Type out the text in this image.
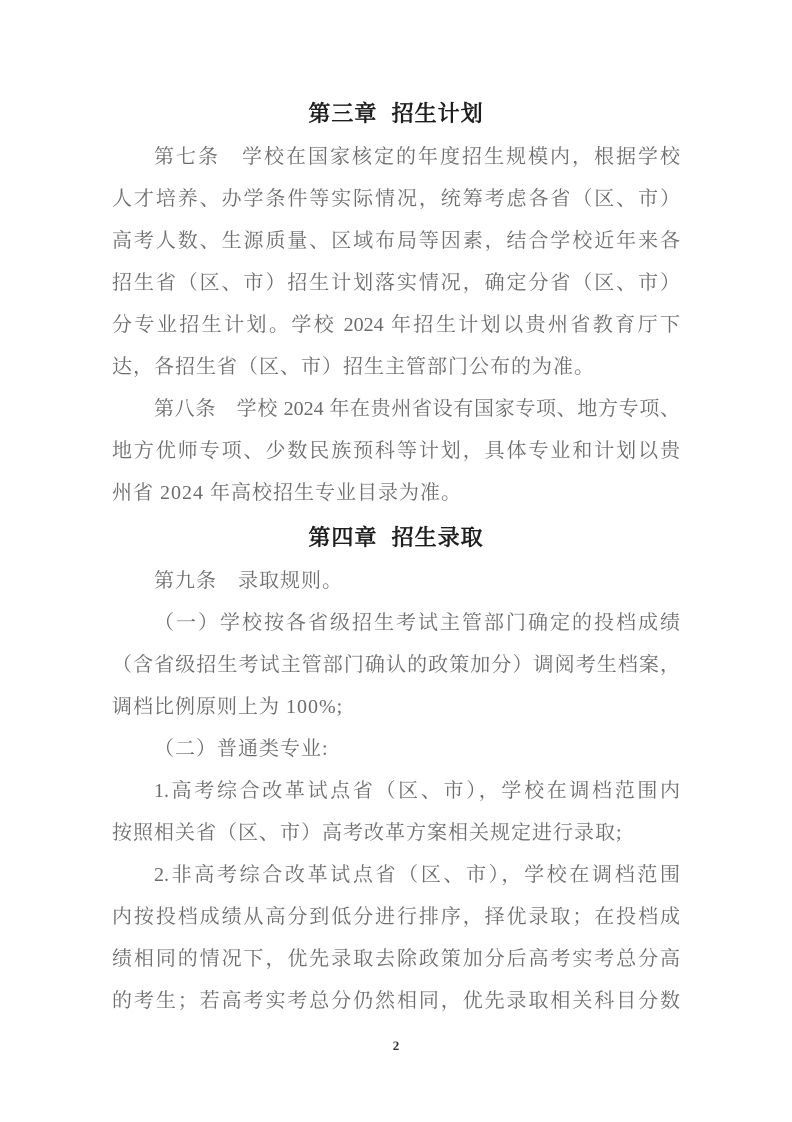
第三章  招生计划
第七条　学校在国家核定的年度招生规模内，根据学校
人才培养、办学条件等实际情况，统筹考虑各省（区、市）
高考人数、生源质量、区域布局等因素，结合学校近年来各
招生省（区、市）招生计划落实情况，确定分省（区、市）
分专业招生计划。学校 2024 年招生计划以贵州省教育厅下
达，各招生省（区、市）招生主管部门公布的为准。
第八条　学校 2024 年在贵州省设有国家专项、地方专项、
地方优师专项、少数民族预科等计划，具体专业和计划以贵
州省 2024 年高校招生专业目录为准。
第四章  招生录取
第九条　录取规则。
（一）学校按各省级招生考试主管部门确定的投档成绩
（含省级招生考试主管部门确认的政策加分）调阅考生档案，
调档比例原则上为 100%;
（二）普通类专业:
1.高考综合改革试点省（区、市），学校在调档范围内
按照相关省（区、市）高考改革方案相关规定进行录取;
2.非高考综合改革试点省（区、市），学校在调档范围
内按投档成绩从高分到低分进行排序，择优录取；在投档成
绩相同的情况下，优先录取去除政策加分后高考实考总分高
的考生；若高考实考总分仍然相同，优先录取相关科目分数
2
